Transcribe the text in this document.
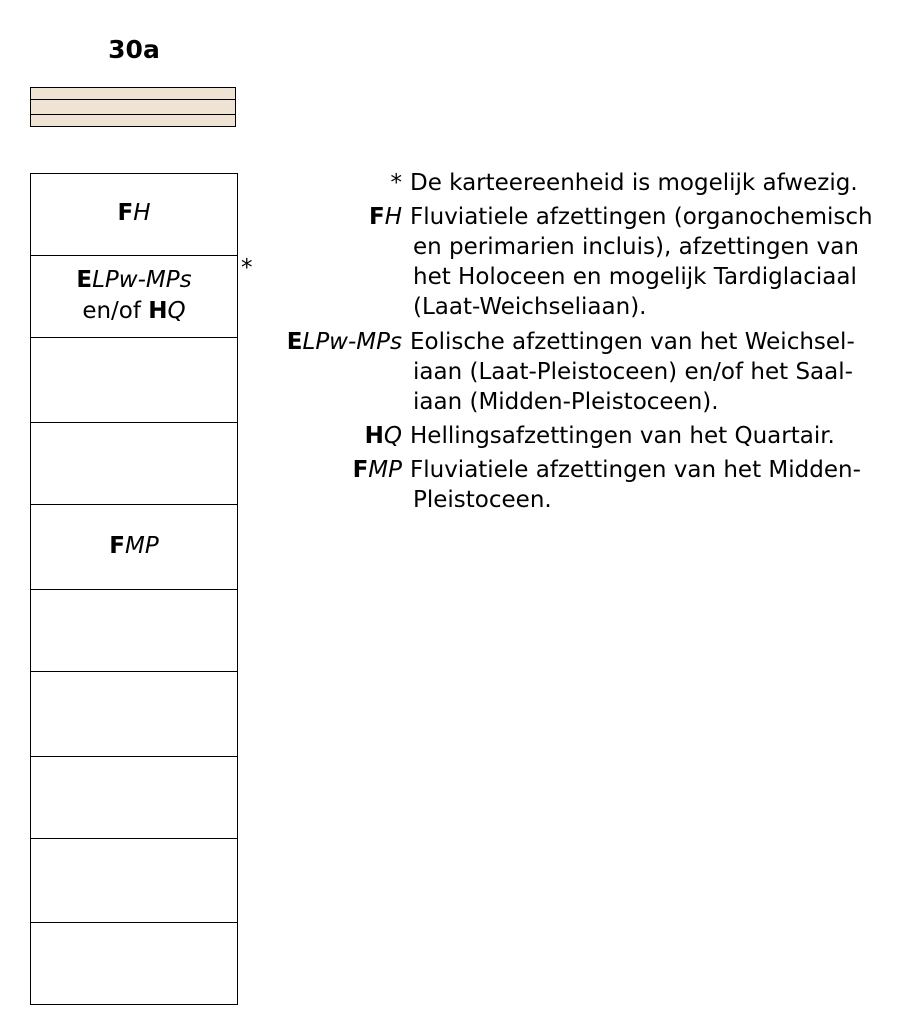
30a
FH
ELPw-MPs
en/of HQ
FMP
*
* De karteereenheid is mogelijk afwezig.
FH Fluviatiele afzettingen (organochemisch
en perimarien incluis), afzettingen van
het Holoceen en mogelijk Tardiglaciaal
(Laat-Weichseliaan).
ELPw-MPs Eolische afzettingen van het Weichsel-
iaan (Laat-Pleistoceen) en/of het Saal-
iaan (Midden-Pleistoceen).
HQ Hellingsafzettingen van het Quartair.
FMP Fluviatiele afzettingen van het Midden-
Pleistoceen.
